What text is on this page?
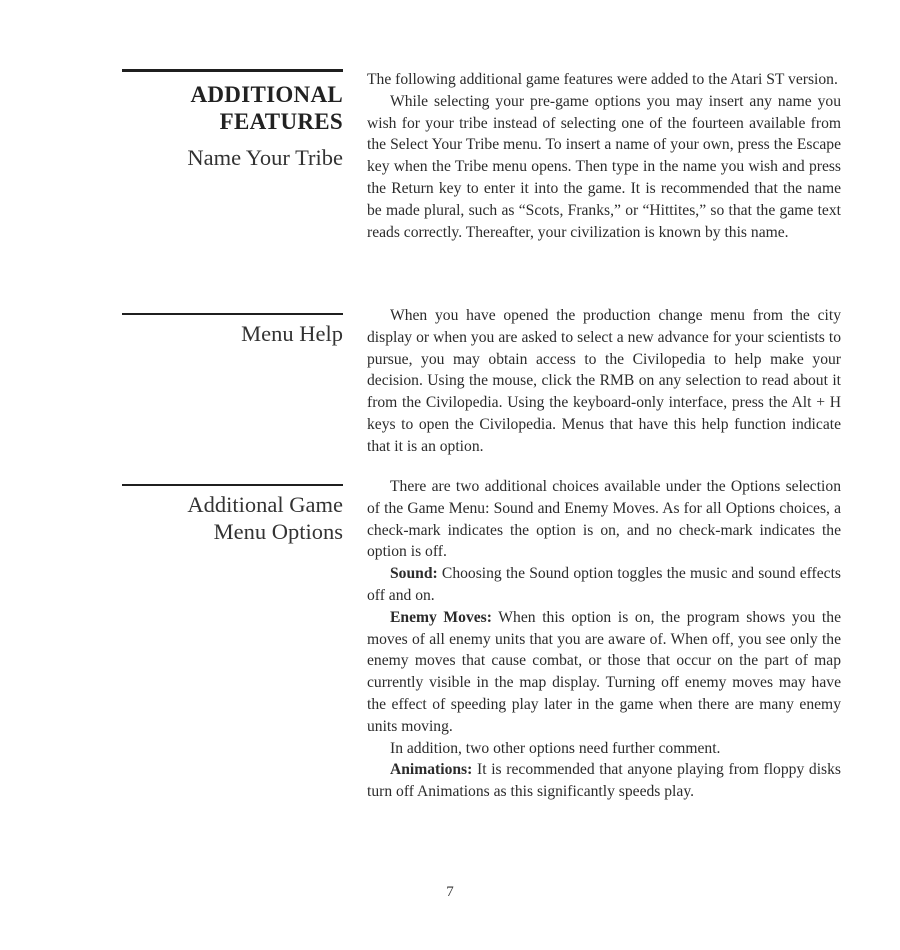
ADDITIONAL

FEATURES

Name Your Tribe

The following additional game features were added to the Atari ST version.

While selecting your pre-game options you may insert any name you wish for your tribe instead of selecting one of the fourteen available from the Select Your Tribe menu. To insert a name of your own, press the Escape key when the Tribe menu opens. Then type in the name you wish and press the Return key to enter it into the game. It is recommended that the name be made plural, such as “Scots, Franks,” or “Hittites,” so that the game text reads correctly. Thereafter, your civilization is known by this name.

Menu Help

When you have opened the production change menu from the city display or when you are asked to select a new advance for your scientists to pursue, you may obtain access to the Civilopedia to help make your decision. Using the mouse, click the RMB on any selection to read about it from the Civilopedia. Using the keyboard-only interface, press the Alt + H keys to open the Civilopedia. Menus that have this help function indicate that it is an option.

Additional Game

Menu Options

There are two additional choices available under the Options selection of the Game Menu: Sound and Enemy Moves. As for all Options choices, a check-mark indicates the option is on, and no check-mark indicates the option is off.

Sound: Choosing the Sound option toggles the music and sound effects off and on.

Enemy Moves: When this option is on, the program shows you the moves of all enemy units that you are aware of. When off, you see only the enemy moves that cause combat, or those that occur on the part of map currently visible in the map display. Turning off enemy moves may have the effect of speeding play later in the game when there are many enemy units moving.

In addition, two other options need further comment.

Animations: It is recommended that anyone playing from floppy disks turn off Animations as this significantly speeds play.

7
